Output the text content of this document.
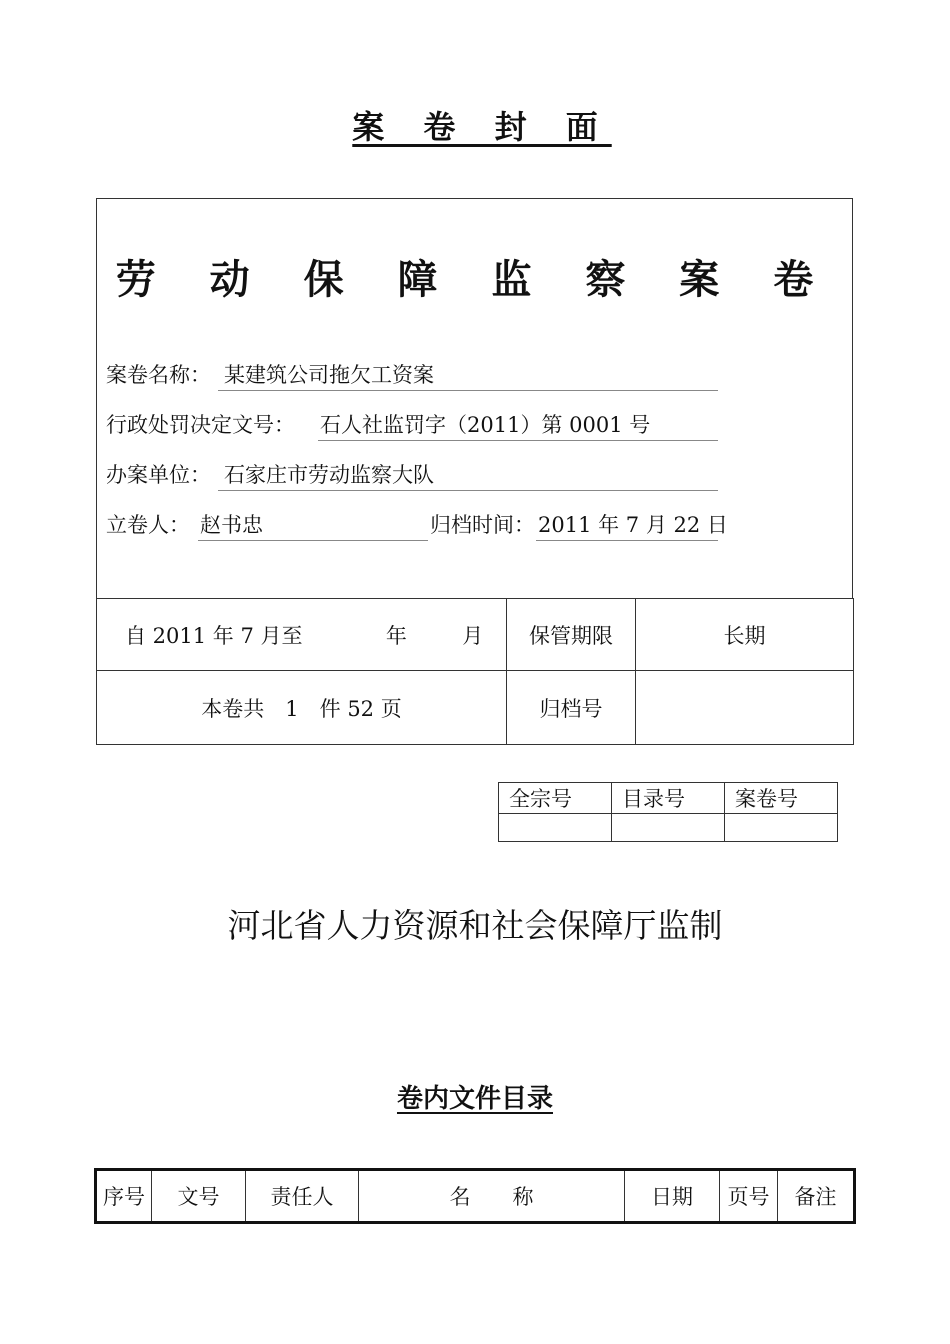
案 卷 封 面
劳 动 保 障 监 察 案 卷
案卷名称： 某建筑公司拖欠工资案
行政处罚决定文号： 石人社监罚字（2011）第 0001 号
办案单位： 石家庄市劳动监察大队
立卷人： 赵书忠	归档时间： 2011 年 7 月 22 日
自 2011 年 7 月至 年 月	保管期限	长期
本卷共　1　件 52 页	归档号	
全宗号	目录号	案卷号

河北省人力资源和社会保障厅监制
卷内文件目录
序号	文号	责任人	名　　称	日期	页号	备注
